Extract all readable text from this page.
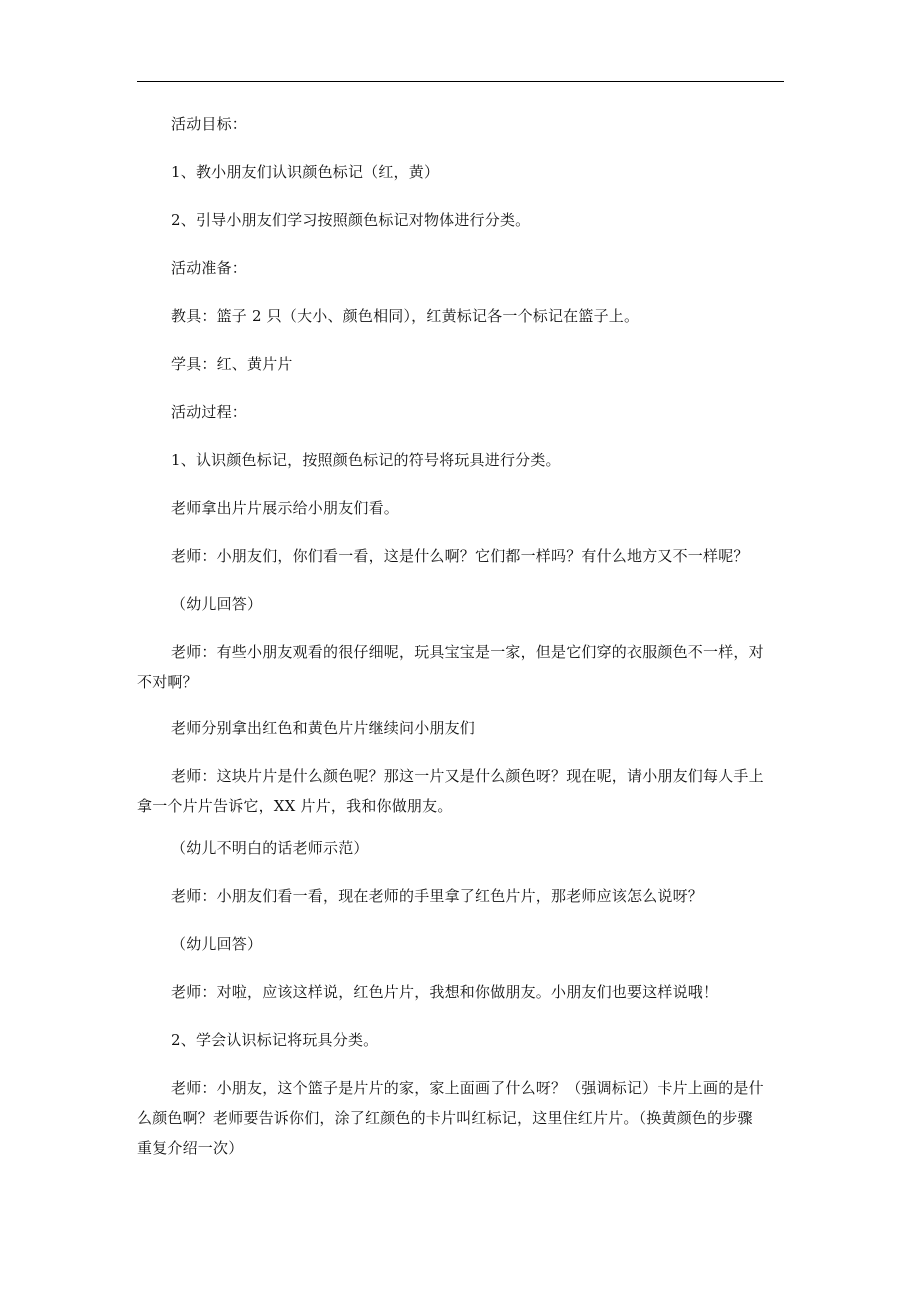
活动目标：
1、教小朋友们认识颜色标记（红，黄）
2、引导小朋友们学习按照颜色标记对物体进行分类。
活动准备：
教具：篮子 2 只（大小、颜色相同），红黄标记各一个标记在篮子上。
学具：红、黄片片
活动过程：
1、认识颜色标记，按照颜色标记的符号将玩具进行分类。
老师拿出片片展示给小朋友们看。
老师：小朋友们，你们看一看，这是什么啊？它们都一样吗？有什么地方又不一样呢？
（幼儿回答）
老师：有些小朋友观看的很仔细呢，玩具宝宝是一家，但是它们穿的衣服颜色不一样，对不对啊？
老师分别拿出红色和黄色片片继续问小朋友们
老师：这块片片是什么颜色呢？那这一片又是什么颜色呀？现在呢，请小朋友们每人手上拿一个片片告诉它，XX 片片，我和你做朋友。
（幼儿不明白的话老师示范）
老师：小朋友们看一看，现在老师的手里拿了红色片片，那老师应该怎么说呀？
（幼儿回答）
老师：对啦，应该这样说，红色片片，我想和你做朋友。小朋友们也要这样说哦！
2、学会认识标记将玩具分类。
老师：小朋友，这个篮子是片片的家，家上面画了什么呀？（强调标记）卡片上画的是什么颜色啊？老师要告诉你们，涂了红颜色的卡片叫红标记，这里住红片片。（换黄颜色的步骤重复介绍一次）
